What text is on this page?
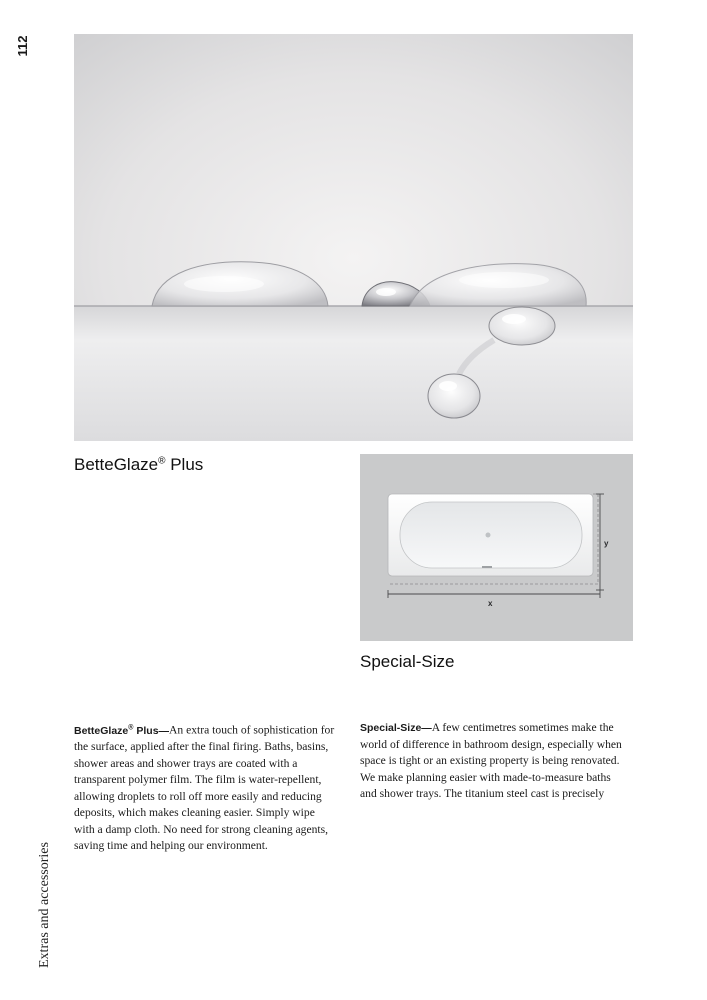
112
Extras and accessories
BetteGlaze® Plus
y
x
Special-Size

BetteGlaze® Plus—An extra touch of sophistication for the surface, applied after the final firing. Baths, basins, shower areas and shower trays are coated with a transparent polymer film. The film is water-repellent, allowing droplets to roll off more easily and reducing deposits, which makes cleaning easier. Simply wipe with a damp cloth. No need for strong cleaning agents, saving time and helping our environment.

Special-Size—A few centimetres sometimes make the world of difference in bathroom design, especially when space is tight or an existing property is being renovated. We make planning easier with made-to-measure baths and shower trays. The titanium steel cast is precisely
